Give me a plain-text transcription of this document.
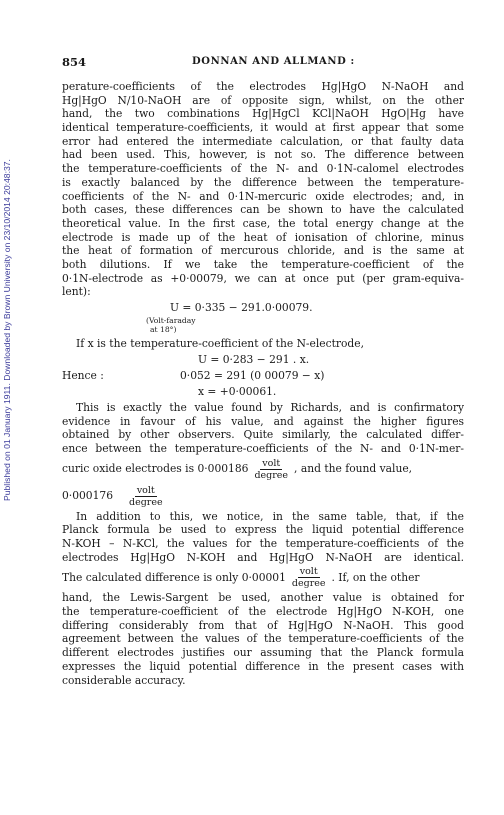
Published on 01 January 1911. Downloaded by Brown University on 23/10/2014 20:48:37.
854	DONNAN AND ALLMAND :
perature-coefficients of the electrodes Hg|HgO N-NaOH and
Hg|HgO N/10-NaOH are of opposite sign, whilst, on the other
hand, the two combinations Hg|HgCl KCl|NaOH HgO|Hg have
identical temperature-coefficients, it would at first appear that some
error had entered the intermediate calculation, or that faulty data
had been used. This, however, is not so. The difference between
the temperature-coefficients of the N- and 0·1N-calomel electrodes
is exactly balanced by the difference between the temperature-
coefficients of the N- and 0·1N-mercuric oxide electrodes; and, in
both cases, these differences can be shown to have the calculated
theoretical value. In the first case, the total energy change at the
electrode is made up of the heat of ionisation of chlorine, minus
the heat of formation of mercurous chloride, and is the same at
both dilutions. If we take the temperature-coefficient of the
0·1N-electrode as +0·00079, we can at once put (per gram-equiva-
lent):
U = 0·335 − 291.0·00079.
(Volt-faraday
at 18°)
If x is the temperature-coefficient of the N-electrode,
U = 0·283 − 291 . x.
Hence :	0·052 = 291 (0 00079 − x)
x = +0·00061.
This is exactly the value found by Richards, and is confirmatory
evidence in favour of his value, and against the higher figures
obtained by other observers. Quite similarly, the calculated differ-
ence between the temperature-coefficients of the N- and 0·1N-mer-
curic oxide electrodes is $0\cdot 000186 \frac{\text{volt}}{\text{degree}}$ , and the found value,
$0\cdot 000176 \frac{\text{volt}}{\text{degree}}$
In addition to this, we notice, in the same table, that, if the
Planck formula be used to express the liquid potential difference
N-KOH – N-KCl, the values for the temperature-coefficients of the
electrodes Hg|HgO N-KOH and Hg|HgO N-NaOH are identical.
The calculated difference is only $0\cdot 00001 \frac{\text{volt}}{\text{degree}}$ . If, on the other
hand, the Lewis-Sargent be used, another value is obtained for
the temperature-coefficient of the electrode Hg|HgO N-KOH, one
differing considerably from that of Hg|HgO N-NaOH. This good
agreement between the values of the temperature-coefficients of the
different electrodes justifies our assuming that the Planck formula
expresses the liquid potential difference in the present cases with
considerable accuracy.
